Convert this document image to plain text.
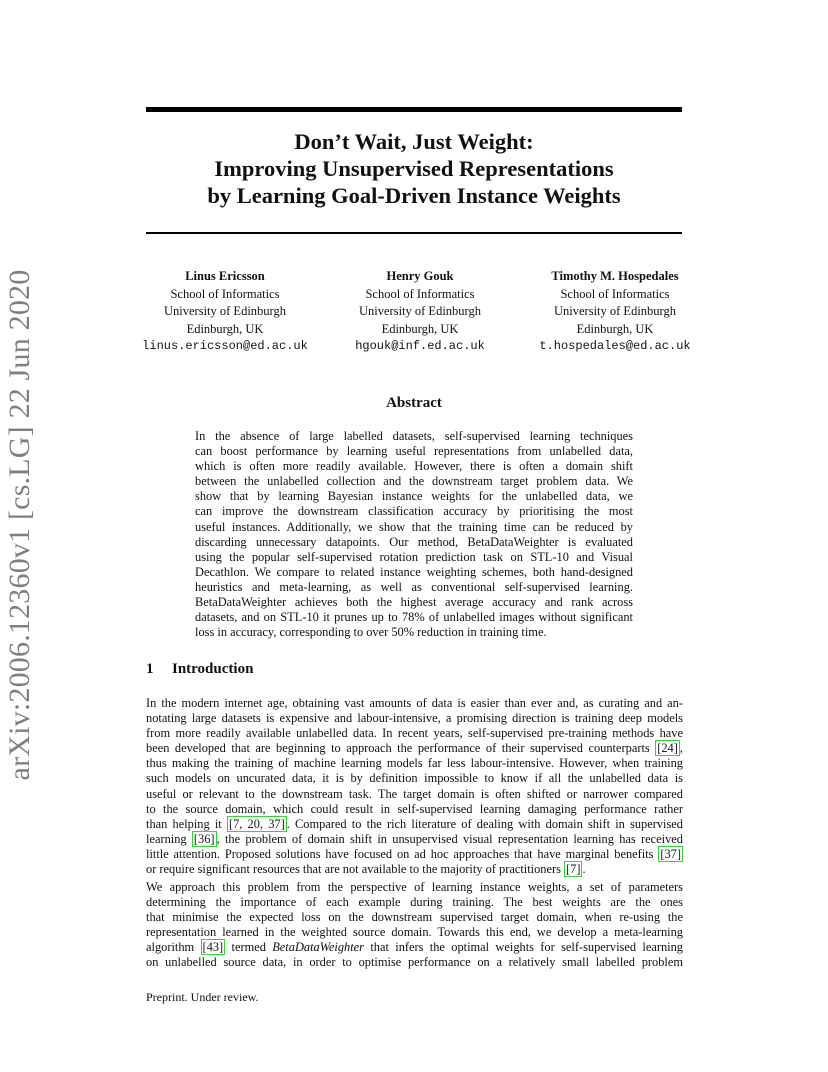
arXiv:2006.12360v1 [cs.LG] 22 Jun 2020
Don’t Wait, Just Weight:
Improving Unsupervised Representations
by Learning Goal-Driven Instance Weights
Linus Ericsson
School of Informatics
University of Edinburgh
Edinburgh, UK
linus.ericsson@ed.ac.uk
Henry Gouk
School of Informatics
University of Edinburgh
Edinburgh, UK
hgouk@inf.ed.ac.uk
Timothy M. Hospedales
School of Informatics
University of Edinburgh
Edinburgh, UK
t.hospedales@ed.ac.uk
Abstract
In the absence of large labelled datasets, self-supervised learning techniques
can boost performance by learning useful representations from unlabelled data,
which is often more readily available. However, there is often a domain shift
between the unlabelled collection and the downstream target problem data. We
show that by learning Bayesian instance weights for the unlabelled data, we
can improve the downstream classification accuracy by prioritising the most
useful instances. Additionally, we show that the training time can be reduced by
discarding unnecessary datapoints. Our method, BetaDataWeighter is evaluated
using the popular self-supervised rotation prediction task on STL-10 and Visual
Decathlon. We compare to related instance weighting schemes, both hand-designed
heuristics and meta-learning, as well as conventional self-supervised learning.
BetaDataWeighter achieves both the highest average accuracy and rank across
datasets, and on STL-10 it prunes up to 78% of unlabelled images without significant
loss in accuracy, corresponding to over 50% reduction in training time.
1 Introduction
In the modern internet age, obtaining vast amounts of data is easier than ever and, as curating and an-
notating large datasets is expensive and labour-intensive, a promising direction is training deep models
from more readily available unlabelled data. In recent years, self-supervised pre-training methods have
been developed that are beginning to approach the performance of their supervised counterparts [24] ,
thus making the training of machine learning models far less labour-intensive. However, when training
such models on uncurated data, it is by definition impossible to know if all the unlabelled data is
useful or relevant to the downstream task. The target domain is often shifted or narrower compared
to the source domain, which could result in self-supervised learning damaging performance rather
than helping it [7, 20, 37] . Compared to the rich literature of dealing with domain shift in supervised
learning [36] , the problem of domain shift in unsupervised visual representation learning has received
little attention. Proposed solutions have focused on ad hoc approaches that have marginal benefits [37]
or require significant resources that are not available to the majority of practitioners [7] .
We approach this problem from the perspective of learning instance weights, a set of parameters
determining the importance of each example during training. The best weights are the ones
that minimise the expected loss on the downstream supervised target domain, when re-using the
representation learned in the weighted source domain. Towards this end, we develop a meta-learning
algorithm [43] termed BetaDataWeighter that infers the optimal weights for self-supervised learning
on unlabelled source data, in order to optimise performance on a relatively small labelled problem
Preprint. Under review.
